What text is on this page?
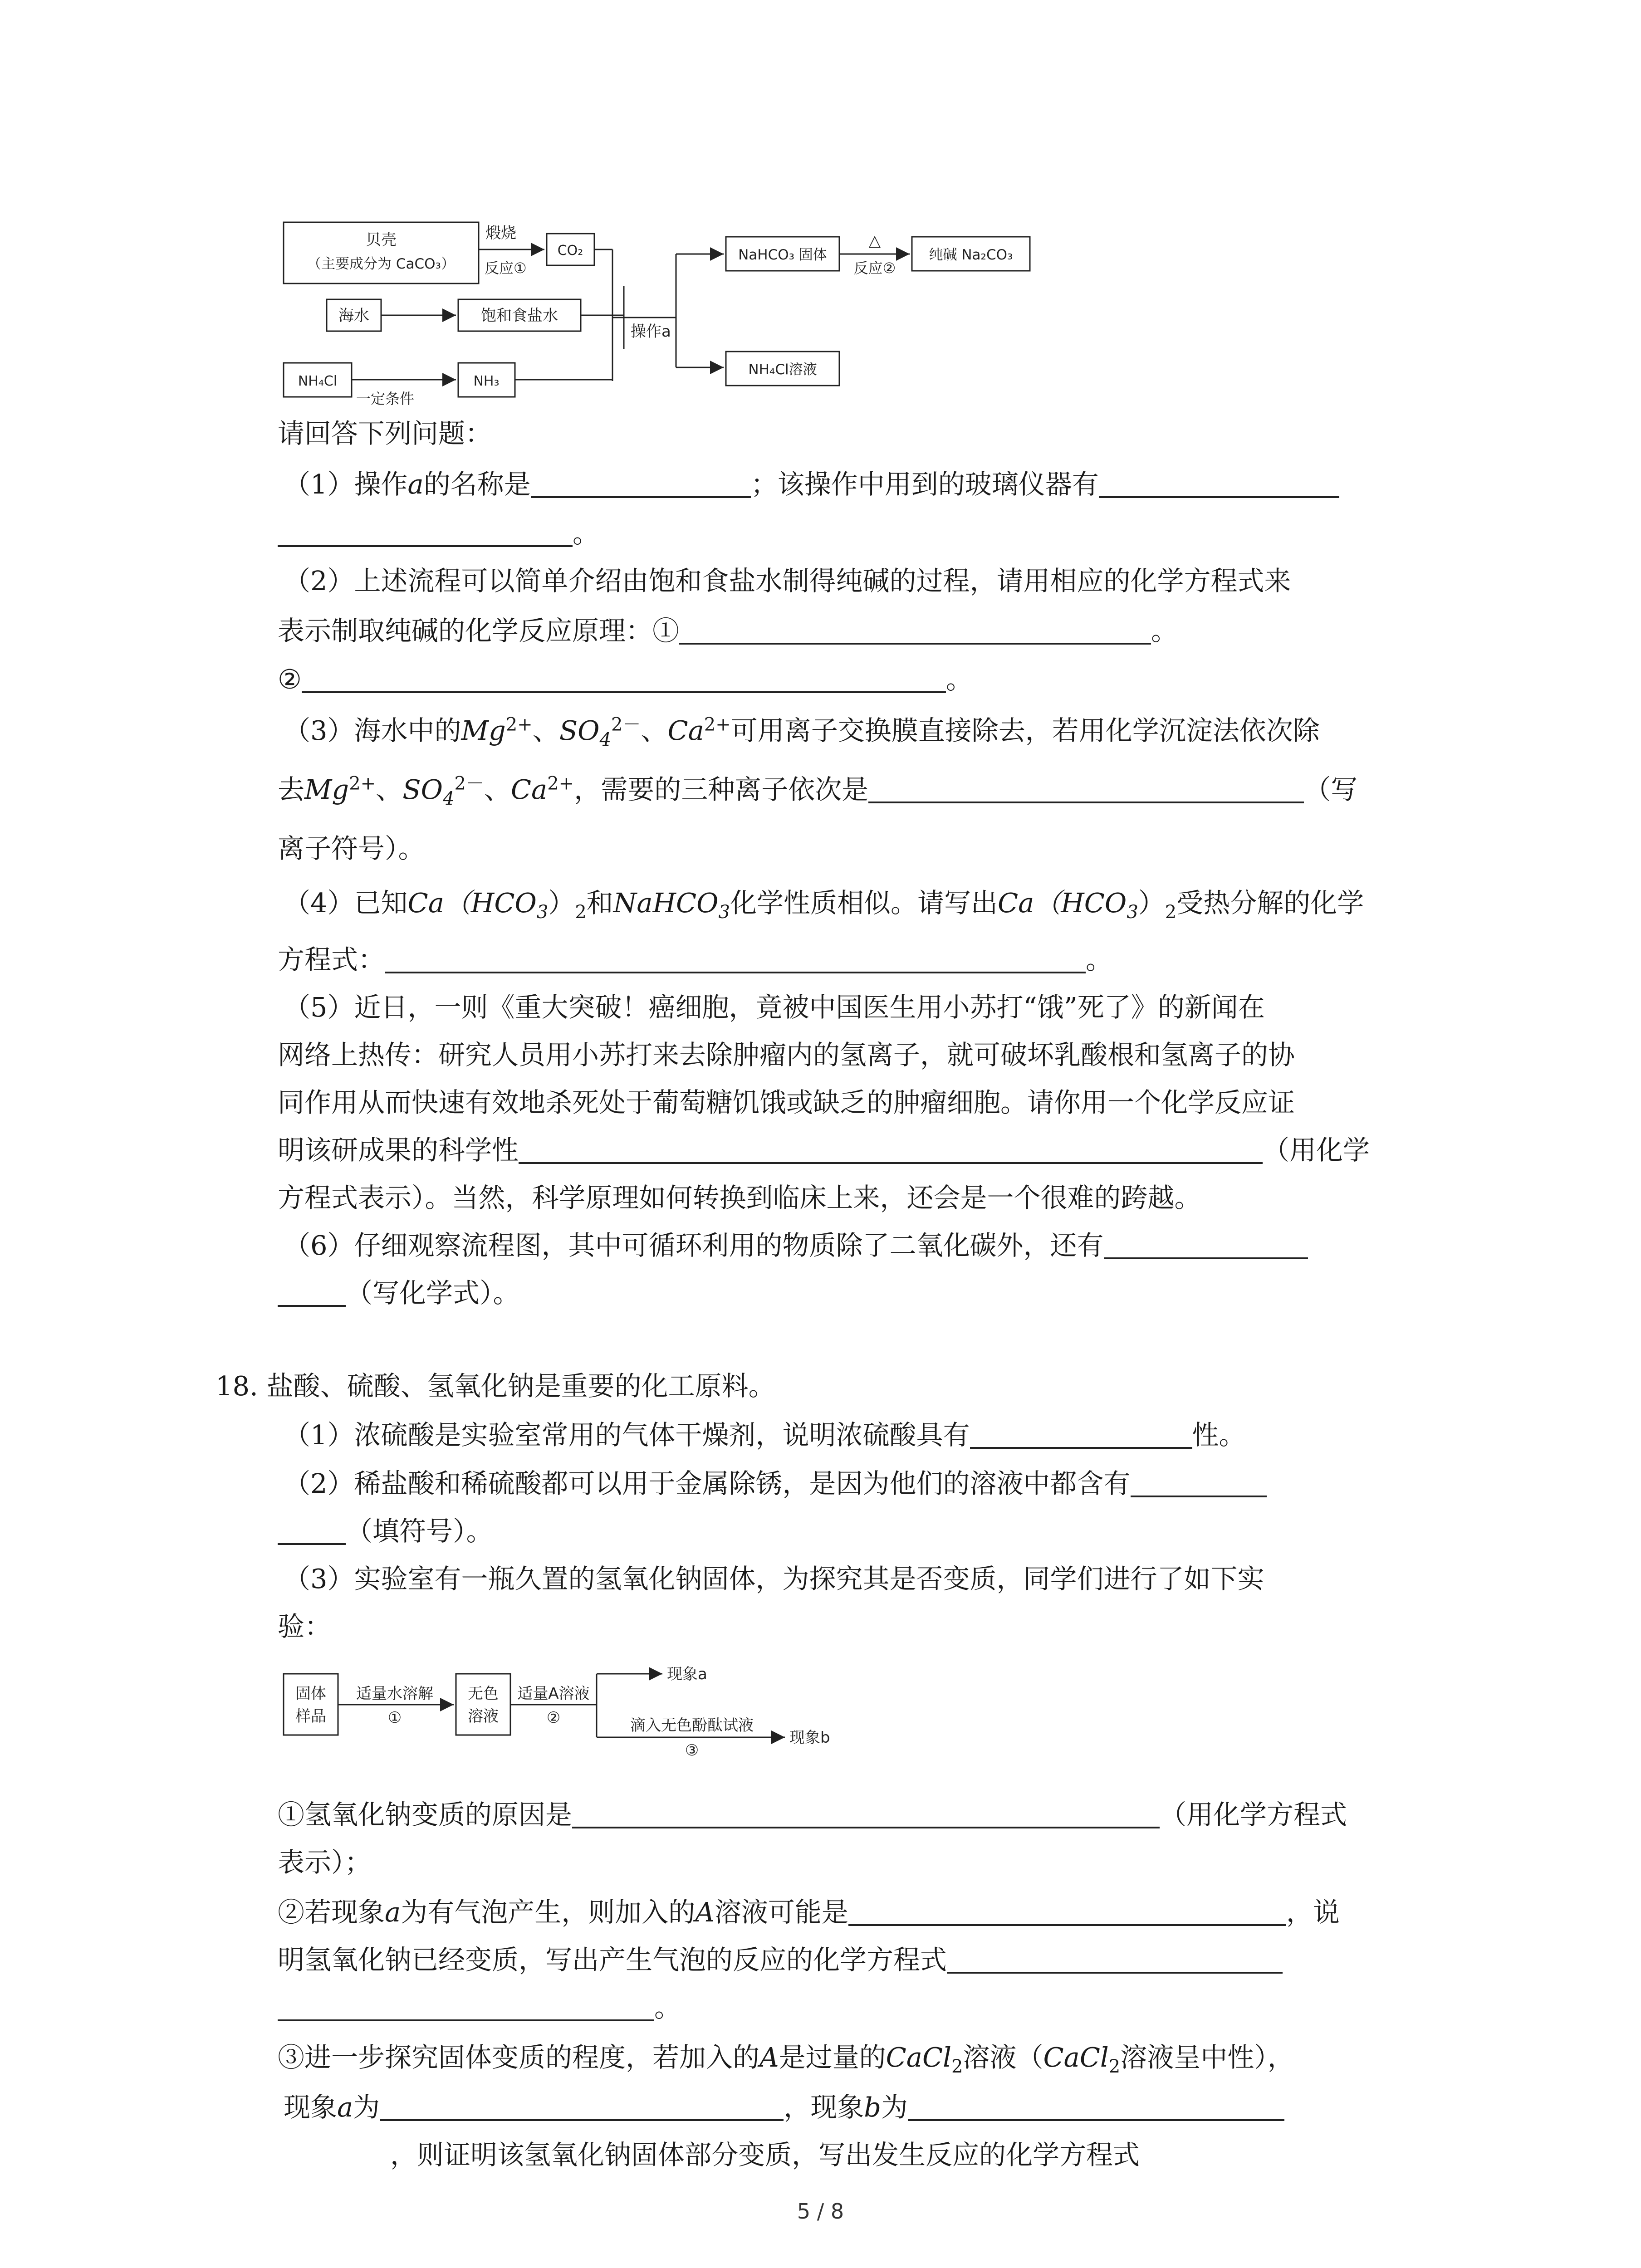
贝壳
（主要成分为 CaCO₃）
煅烧
反应①
CO₂
海水	饱和食盐水
NH₄Cl
一定条件
NH₃
操作a
NaHCO₃ 固体
△
反应②
纯碱 Na₂CO₃
NH₄Cl溶液
请回答下列问题：
（1）操作a的名称是	；该操作中用到的玻璃仪器有
。
（2）上述流程可以简单介绍由饱和食盐水制得纯碱的过程，请用相应的化学方程式来
表示制取纯碱的化学反应原理：①	。
②	。
（3）海水中的$Mg^{2+}$、$SO_4^{2-}$、$Ca^{2+}$可用离子交换膜直接除去，若用化学沉淀法依次除
去$Mg^{2+}$、$SO_4^{2-}$、$Ca^{2+}$，需要的三种离子依次是	（写
离子符号）。
（4）已知$Ca(HCO_3)_2$和NaHCO$_3$化学性质相似。请写出$Ca(HCO_3)_2$受热分解的化学
方程式：	。
（5）近日，一则《重大突破！癌细胞，竟被中国医生用小苏打“饿”死了》的新闻在
网络上热传：研究人员用小苏打来去除肿瘤内的氢离子，就可破坏乳酸根和氢离子的协
同作用从而快速有效地杀死处于葡萄糖饥饿或缺乏的肿瘤细胞。请你用一个化学反应证
明该研成果的科学性	（用化学
方程式表示）。当然，科学原理如何转换到临床上来，还会是一个很难的跨越。
（6）仔细观察流程图，其中可循环利用的物质除了二氧化碳外，还有
（写化学式）。
18. 盐酸、硫酸、氢氧化钠是重要的化工原料。
（1）浓硫酸是实验室常用的气体干燥剂，说明浓硫酸具有	性。
（2）稀盐酸和稀硫酸都可以用于金属除锈，是因为他们的溶液中都含有
（填符号）。
（3）实验室有一瓶久置的氢氧化钠固体，为探究其是否变质，同学们进行了如下实
验：
固体
样品
适量水溶解
①
无色
溶液
适量A溶液
②
现象a
滴入无色酚酞试液
③
现象b
①氢氧化钠变质的原因是	（用化学方程式
表示）；
②若现象a为有气泡产生，则加入的A溶液可能是	，说
明氢氧化钠已经变质，写出产生气泡的反应的化学方程式
。
③进一步探究固体变质的程度，若加入的A是过量的CaCl$_2$溶液（CaCl$_2$溶液呈中性），
现象a为	，现象b为
，则证明该氢氧化钠固体部分变质，写出发生反应的化学方程式
5 / 8
